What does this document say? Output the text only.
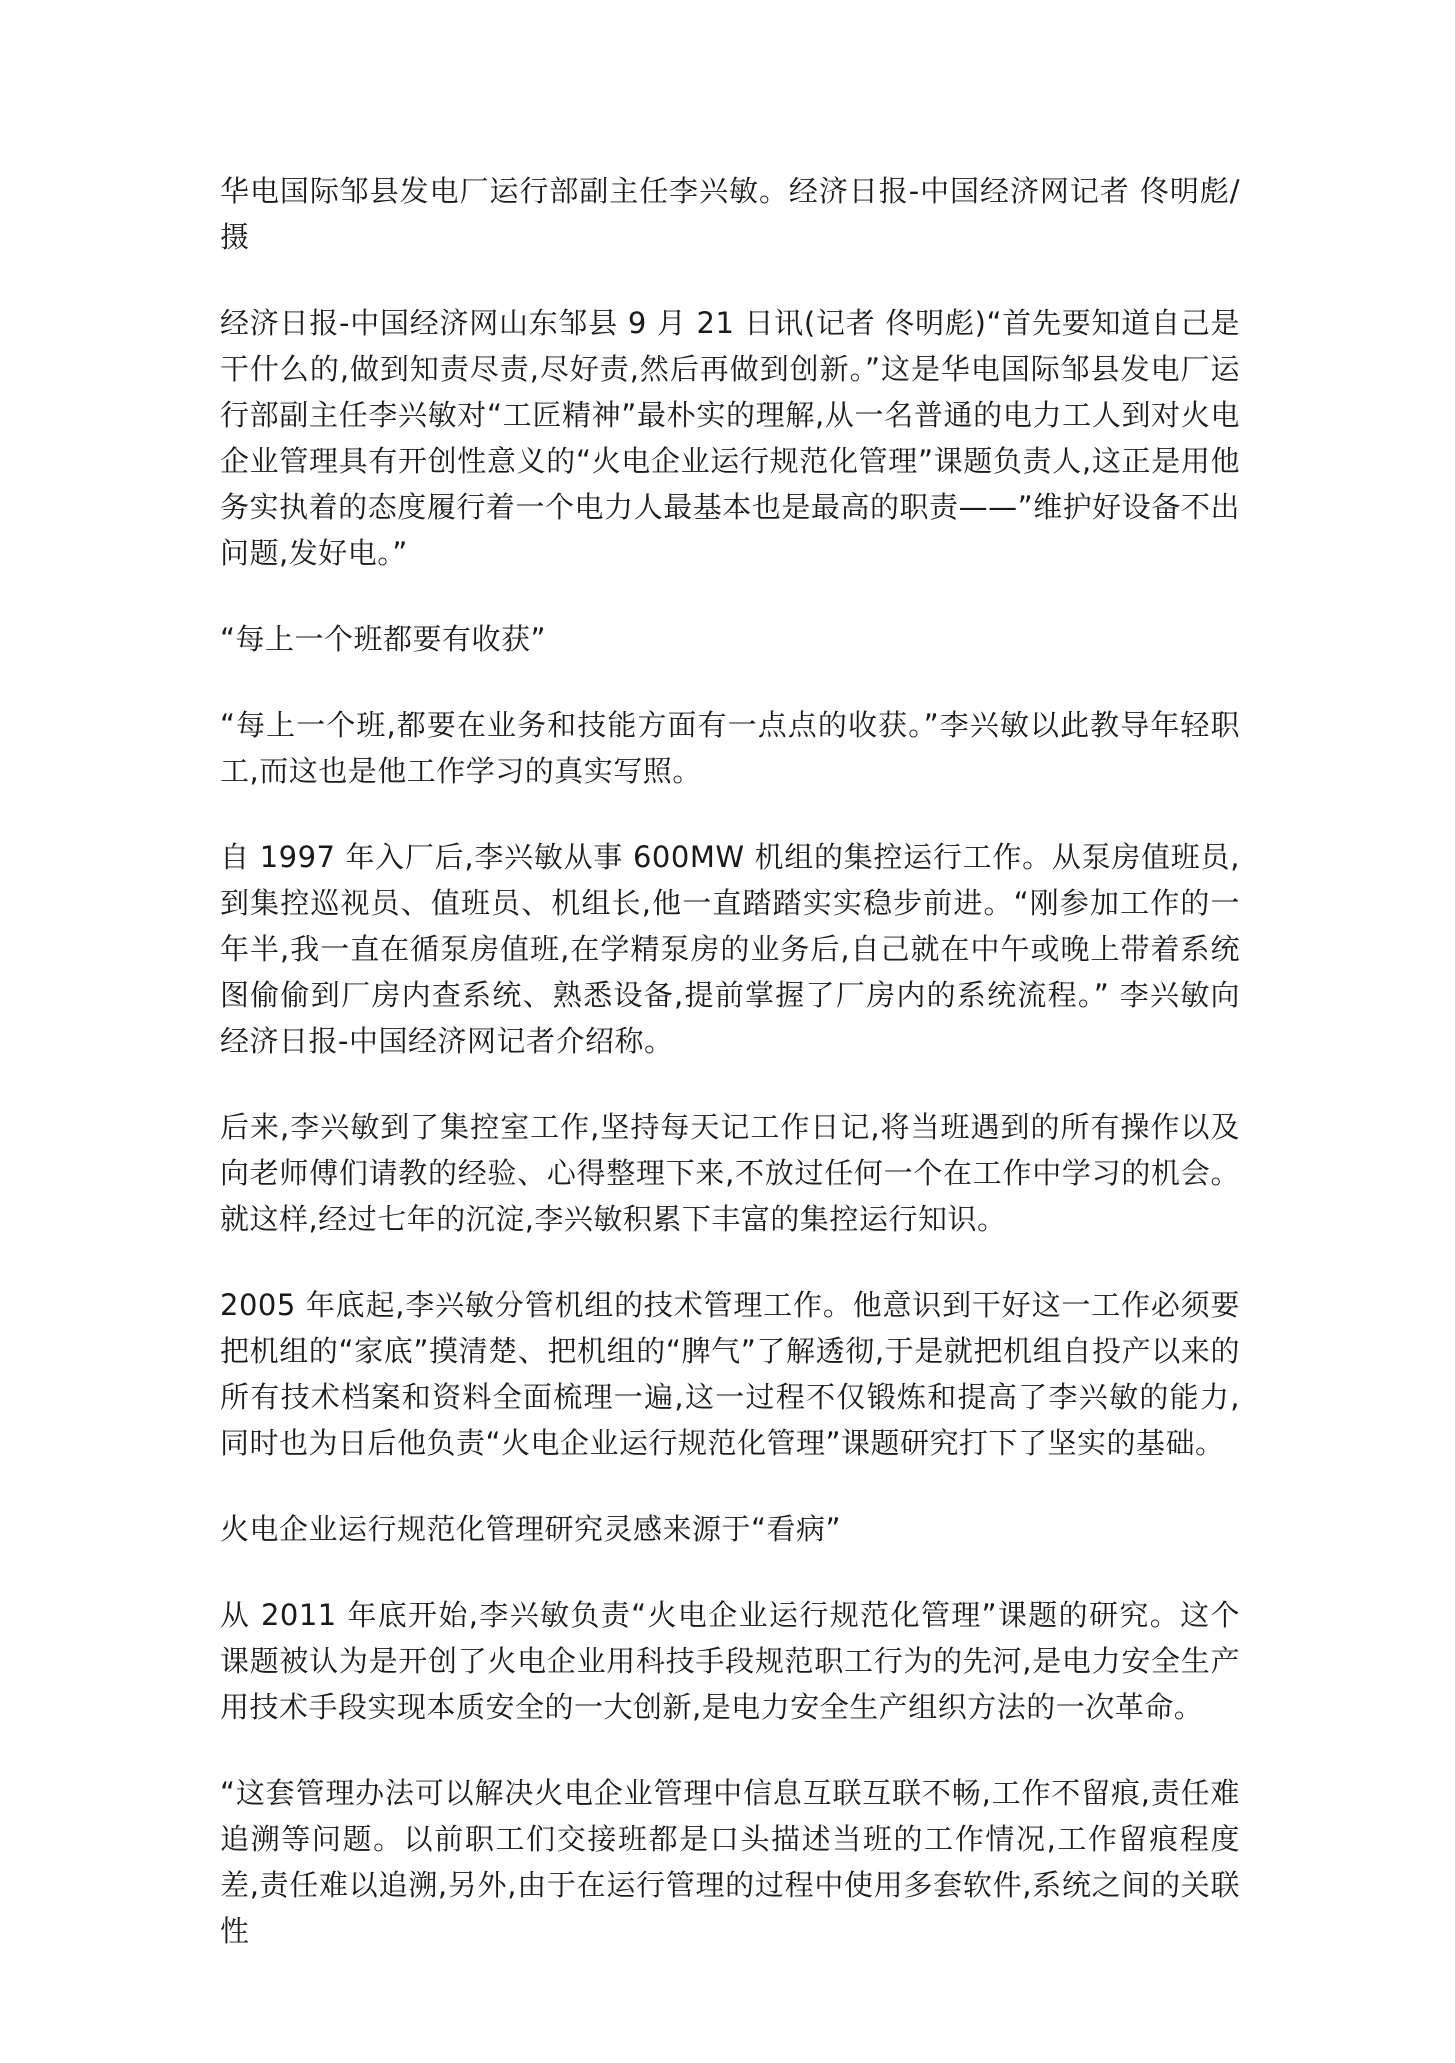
华电国际邹县发电厂运行部副主任李兴敏。经济日报-中国经济网记者 佟明彪/摄

经济日报-中国经济网山东邹县 9 月 21 日讯(记者 佟明彪)“首先要知道自己是干什么的,做到知责尽责,尽好责,然后再做到创新。”这是华电国际邹县发电厂运行部副主任李兴敏对“工匠精神”最朴实的理解,从一名普通的电力工人到对火电企业管理具有开创性意义的“火电企业运行规范化管理”课题负责人,这正是用他务实执着的态度履行着一个电力人最基本也是最高的职责——”维护好设备不出问题,发好电。”

“每上一个班都要有收获”

“每上一个班,都要在业务和技能方面有一点点的收获。”李兴敏以此教导年轻职工,而这也是他工作学习的真实写照。

自 1997 年入厂后,李兴敏从事 600MW 机组的集控运行工作。从泵房值班员,到集控巡视员、值班员、机组长,他一直踏踏实实稳步前进。“刚参加工作的一年半,我一直在循泵房值班,在学精泵房的业务后,自己就在中午或晚上带着系统图偷偷到厂房内查系统、熟悉设备,提前掌握了厂房内的系统流程。” 李兴敏向经济日报-中国经济网记者介绍称。

后来,李兴敏到了集控室工作,坚持每天记工作日记,将当班遇到的所有操作以及向老师傅们请教的经验、心得整理下来,不放过任何一个在工作中学习的机会。就这样,经过七年的沉淀,李兴敏积累下丰富的集控运行知识。

2005 年底起,李兴敏分管机组的技术管理工作。他意识到干好这一工作必须要把机组的“家底”摸清楚、把机组的“脾气”了解透彻,于是就把机组自投产以来的所有技术档案和资料全面梳理一遍,这一过程不仅锻炼和提高了李兴敏的能力,同时也为日后他负责“火电企业运行规范化管理”课题研究打下了坚实的基础。

火电企业运行规范化管理研究灵感来源于“看病”

从 2011 年底开始,李兴敏负责“火电企业运行规范化管理”课题的研究。这个课题被认为是开创了火电企业用科技手段规范职工行为的先河,是电力安全生产用技术手段实现本质安全的一大创新,是电力安全生产组织方法的一次革命。

“这套管理办法可以解决火电企业管理中信息互联互联不畅,工作不留痕,责任难追溯等问题。以前职工们交接班都是口头描述当班的工作情况,工作留痕程度差,责任难以追溯,另外,由于在运行管理的过程中使用多套软件,系统之间的关联性
